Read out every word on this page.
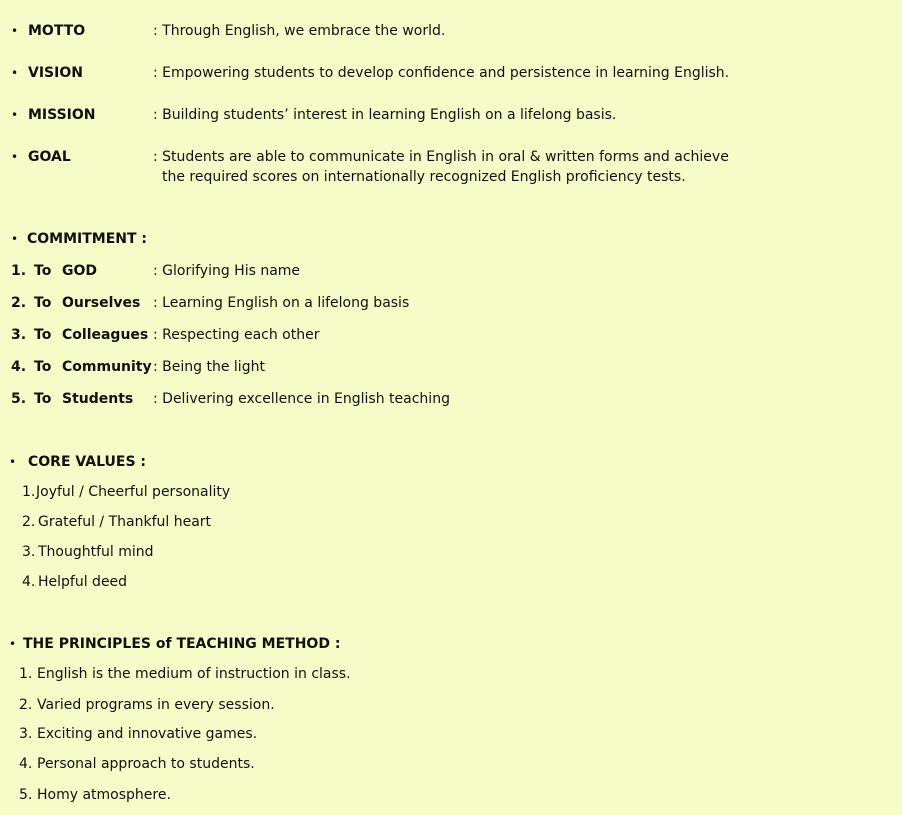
• MOTTO	: Through English, we embrace the world.
• VISION	: Empowering students to develop confidence and persistence in learning English.
• MISSION	: Building students’ interest in learning English on a lifelong basis.
• GOAL	: Students are able to communicate in English in oral & written forms and achieve
the required scores on internationally recognized English proficiency tests.
• COMMITMENT :
1. To GOD	: Glorifying His name
2. To Ourselves : Learning English on a lifelong basis
3. To Colleagues : Respecting each other
4. To Community : Being the light
5. To Students : Delivering excellence in English teaching
• CORE VALUES :
1. Joyful / Cheerful personality
2. Grateful / Thankful heart
3. Thoughtful mind
4. Helpful deed
• THE PRINCIPLES of TEACHING METHOD :
1. English is the medium of instruction in class.
2. Varied programs in every session.
3. Exciting and innovative games.
4. Personal approach to students.
5. Homy atmosphere.
